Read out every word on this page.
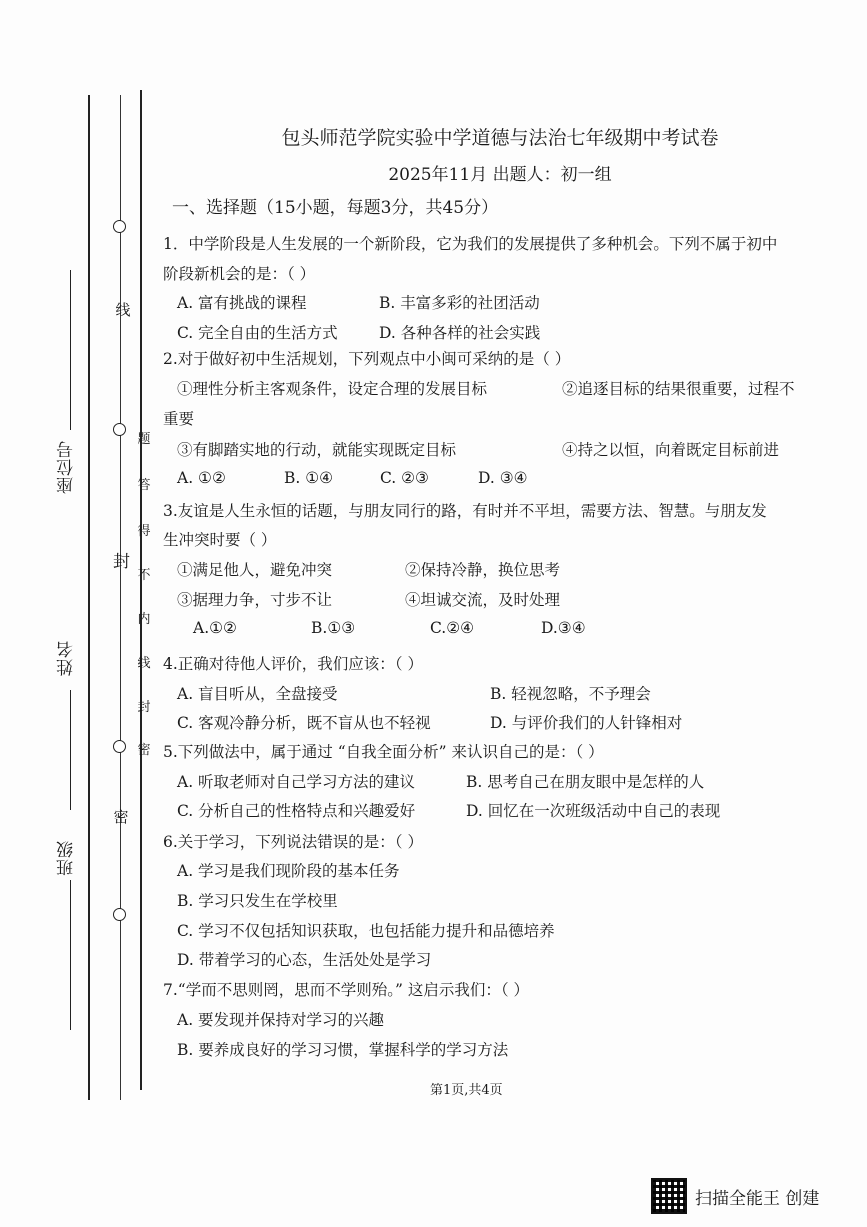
线
封
密
题
答
得
不
内
线
封
密
座位号
姓名
班级
包头师范学院实验中学道德与法治七年级期中考试卷
2025年11月 出题人：初一组
一、选择题（15小题，每题3分，共45分）
1．中学阶段是人生发展的一个新阶段，它为我们的发展提供了多种机会。下列不属于初中
阶段新机会的是：（ ）
A. 富有挑战的课程	B. 丰富多彩的社团活动
C. 完全自由的生活方式	D. 各种各样的社会实践
2.对于做好初中生活规划，下列观点中小闽可采纳的是（ ）
①理性分析主客观条件，设定合理的发展目标	②追逐目标的结果很重要，过程不
重要
③有脚踏实地的行动，就能实现既定目标	④持之以恒，向着既定目标前进
A. ①②	B. ①④	C. ②③	D. ③④
3.友谊是人生永恒的话题，与朋友同行的路，有时并不平坦，需要方法、智慧。与朋友发
生冲突时要（ ）
①满足他人，避免冲突	②保持冷静，换位思考
③据理力争，寸步不让	④坦诚交流，及时处理
A.①②	B.①③	C.②④	D.③④
4.正确对待他人评价，我们应该：（ ）
A. 盲目听从，全盘接受	B. 轻视忽略，不予理会
C. 客观冷静分析，既不盲从也不轻视	D. 与评价我们的人针锋相对
5.下列做法中，属于通过 “自我全面分析” 来认识自己的是：（ ）
A. 听取老师对自己学习方法的建议	B. 思考自己在朋友眼中是怎样的人
C. 分析自己的性格特点和兴趣爱好	D. 回忆在一次班级活动中自己的表现
6.关于学习，下列说法错误的是：（ ）
A. 学习是我们现阶段的基本任务
B. 学习只发生在学校里
C. 学习不仅包括知识获取，也包括能力提升和品德培养
D. 带着学习的心态，生活处处是学习
7.“学而不思则罔，思而不学则殆。” 这启示我们：（ ）
A. 要发现并保持对学习的兴趣
B. 要养成良好的学习习惯，掌握科学的学习方法
第1页,共4页
扫描全能王 创建
